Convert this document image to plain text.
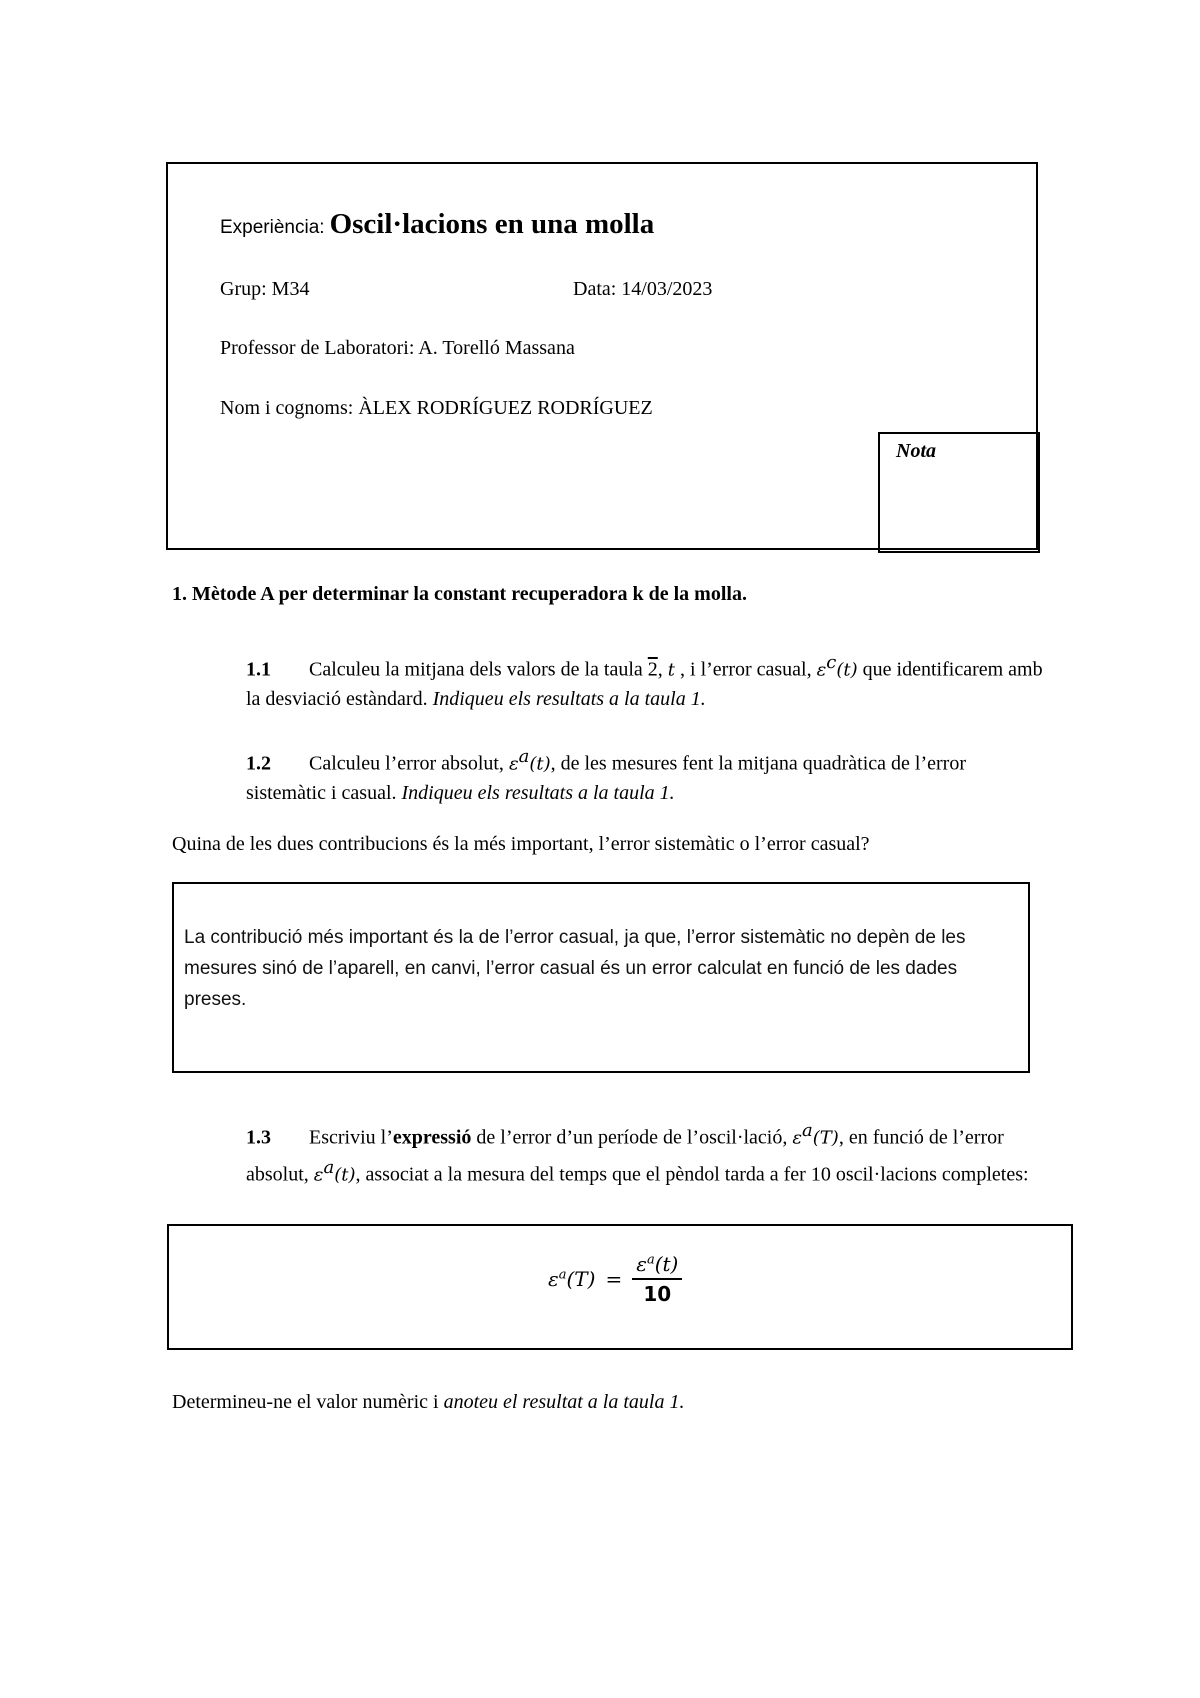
Experiència: Oscil·lacions en una molla
Grup: M34	Data: 14/03/2023
Professor de Laboratori: A. Torelló Massana
Nom i cognoms: ÀLEX RODRÍGUEZ RODRÍGUEZ
Nota
1. Mètode A per determinar la constant recuperadora k de la molla.
1.1 Calculeu la mitjana dels valors de la taula 2, t , i l’error casual, $\varepsilon^c(t)$ que identificarem amb la desviació estàndard. Indiqueu els resultats a la taula 1.
1.2 Calculeu l’error absolut, $\varepsilon^a(t)$, de les mesures fent la mitjana quadràtica de l’error sistemàtic i casual. Indiqueu els resultats a la taula 1.
Quina de les dues contribucions és la més important, l’error sistemàtic o l’error casual?
La contribució més important és la de l’error casual, ja que, l’error sistemàtic no depèn de les mesures sinó de l’aparell, en canvi, l’error casual és un error calculat en funció de les dades preses.
1.3 Escriviu l’expressió de l’error d’un període de l’oscil·lació, $\varepsilon^a(T)$, en funció de l’error absolut, $\varepsilon^a(t)$, associat a la mesura del temps que el pèndol tarda a fer 10 oscil·lacions completes:
$\varepsilon^a(T) = \frac{\varepsilon^a(t)}{10}$
Determineu-ne el valor numèric i anoteu el resultat a la taula 1.
